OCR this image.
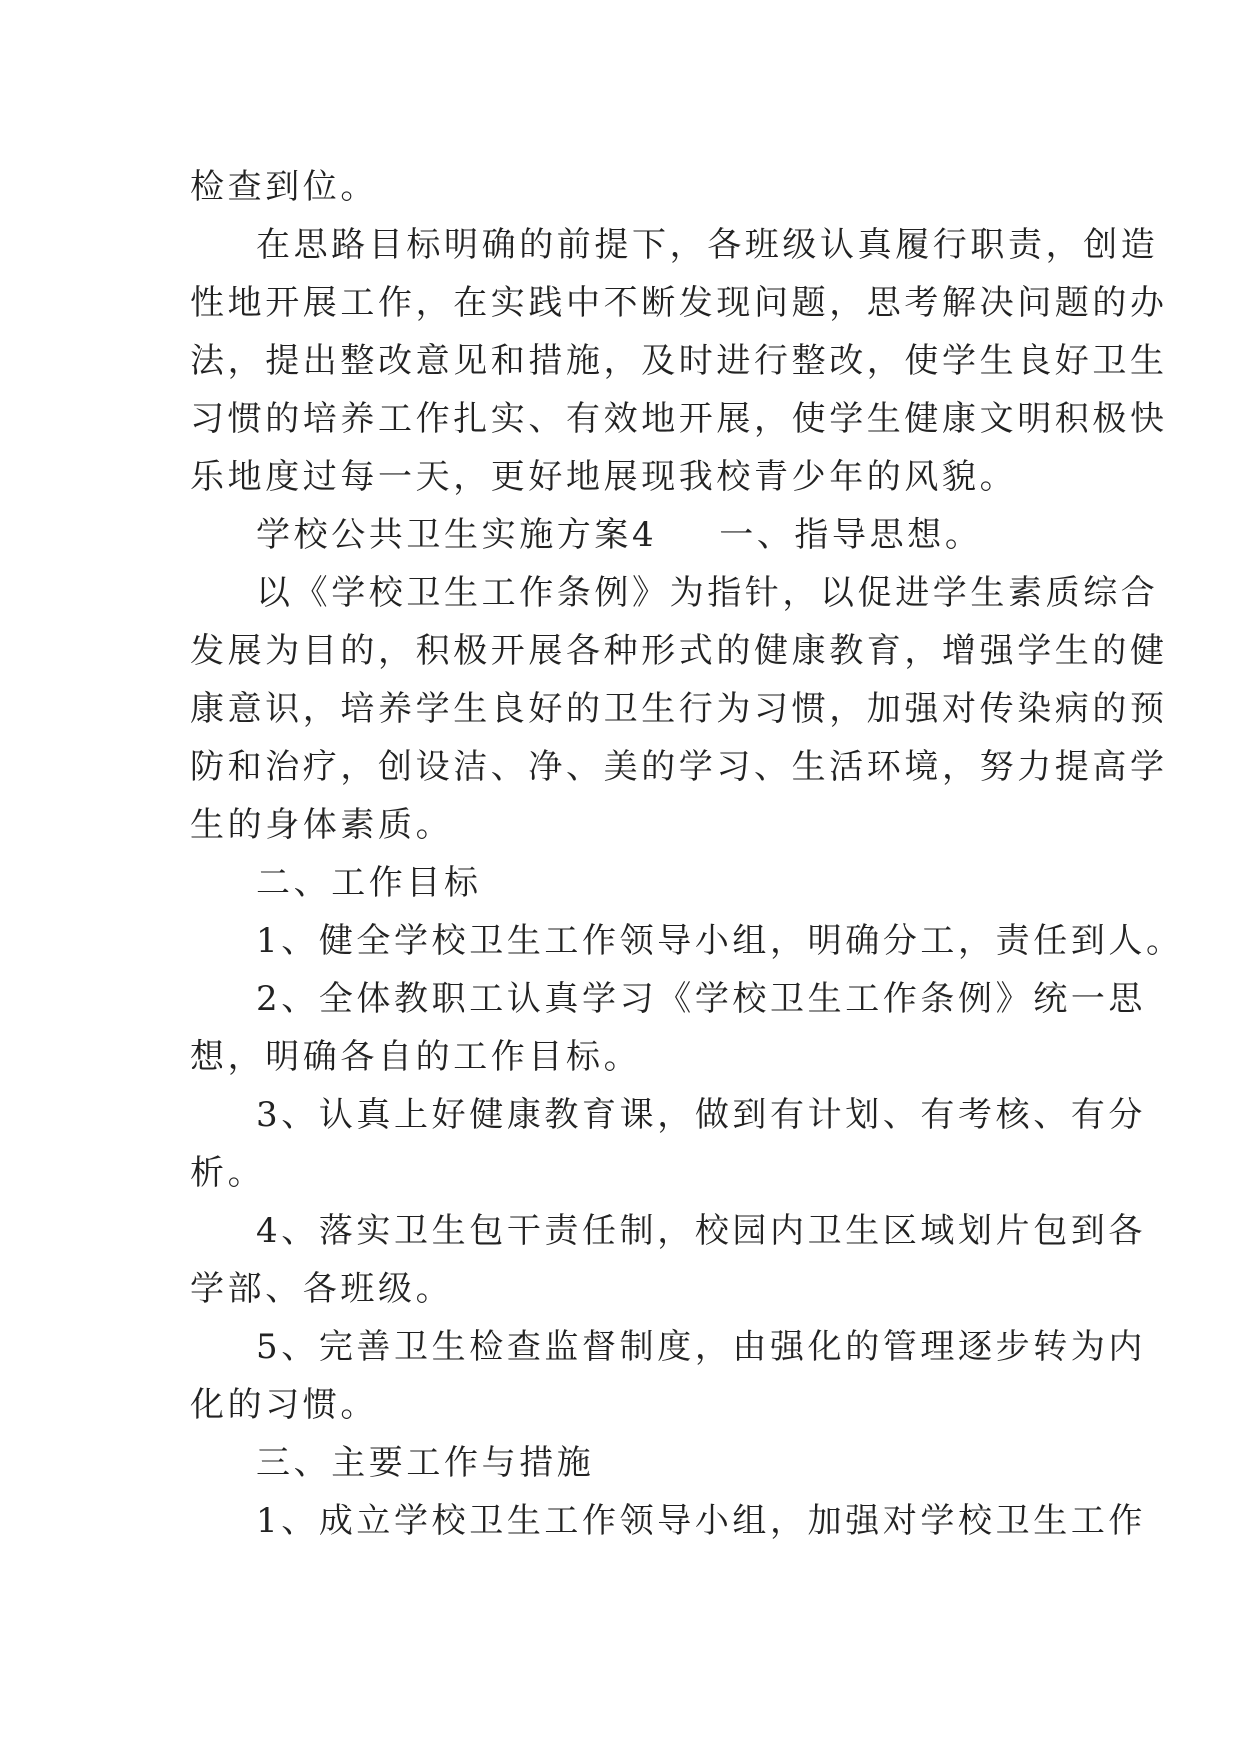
检查到位。
在思路目标明确的前提下，各班级认真履行职责，创造
性地开展工作，在实践中不断发现问题，思考解决问题的办
法，提出整改意见和措施，及时进行整改，使学生良好卫生
习惯的培养工作扎实、有效地开展，使学生健康文明积极快
乐地度过每一天，更好地展现我校青少年的风貌。
学校公共卫生实施方案4 一、指导思想。
以《学校卫生工作条例》为指针，以促进学生素质综合
发展为目的，积极开展各种形式的健康教育，增强学生的健
康意识，培养学生良好的卫生行为习惯，加强对传染病的预
防和治疗，创设洁、净、美的学习、生活环境，努力提高学
生的身体素质。
二、工作目标
1、健全学校卫生工作领导小组，明确分工，责任到人。
2、全体教职工认真学习《学校卫生工作条例》统一思
想，明确各自的工作目标。
3、认真上好健康教育课，做到有计划、有考核、有分
析。
4、落实卫生包干责任制，校园内卫生区域划片包到各
学部、各班级。
5、完善卫生检查监督制度，由强化的管理逐步转为内
化的习惯。
三、主要工作与措施
1、成立学校卫生工作领导小组，加强对学校卫生工作
